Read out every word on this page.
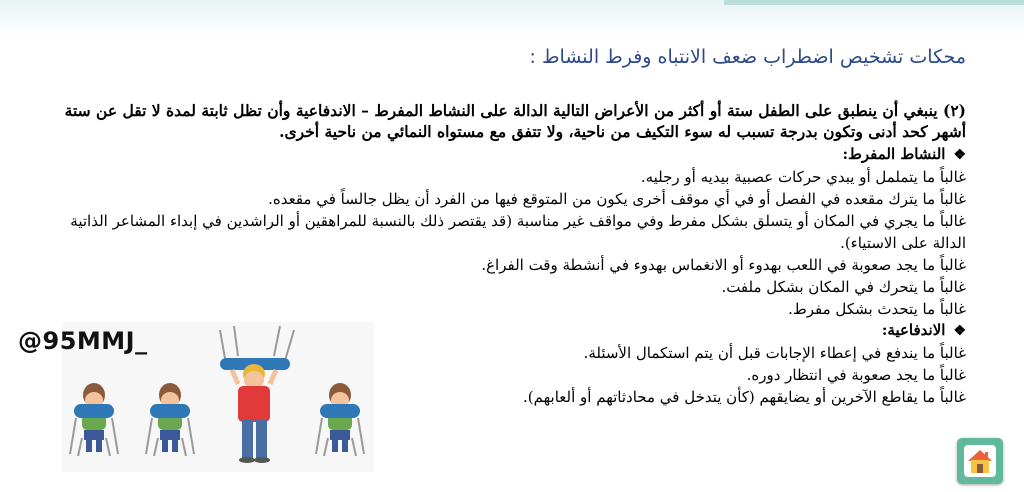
محكات تشخيص اضطراب ضعف الانتباه وفرط النشاط :
(٢) ينبغي أن ينطبق على الطفل ستة أو أكثر من الأعراض التالية الدالة على النشاط المفرط – الاندفاعية وأن تظل ثابتة لمدة لا تقل عن ستة أشهر كحد أدنى وتكون بدرجة تسبب له سوء التكيف من ناحية، ولا تتفق مع مستواه النمائي من ناحية أخرى.
❖النشاط المفرط:
غالباً ما يتململ أو يبدي حركات عصبية بيديه أو رجليه.
غالباً ما يترك مقعده في الفصل أو في أي موقف أخرى يكون من المتوقع فيها من الفرد أن يظل جالساً في مقعده.
غالباً ما يجري في المكان أو يتسلق بشكل مفرط وفي مواقف غير مناسبة (قد يقتصر ذلك بالنسبة للمراهقين أو الراشدين في إبداء المشاعر الذاتية الدالة على الاستياء).
غالباً ما يجد صعوبة في اللعب بهدوء أو الانغماس بهدوء في أنشطة وقت الفراغ.
غالباً ما يتحرك في المكان بشكل ملفت.
غالباً ما يتحدث بشكل مفرط.
❖الاندفاعية:
غالباً ما يندفع في إعطاء الإجابات قبل أن يتم استكمال الأسئلة.
غالباً ما يجد صعوبة في انتظار دوره.
غالباً ما يقاطع الآخرين أو يضايقهم (كأن يتدخل في محادثاتهم أو ألعابهم).
@95MMJ_
